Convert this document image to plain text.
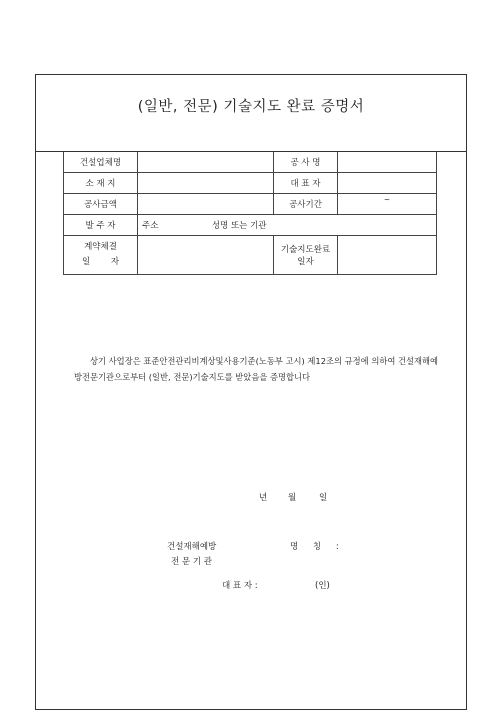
(일반, 전문) 기술지도 완료 증명서
건설업체명		공 사 명	
소 재 지		대 표 자	
공사금액		공사기간	~

발 주 자	주소 성명 또는 기관		

계약체결
일 자		기술지도완료일자	
상기 사업장은 표준안전관리비계상및사용기준(노동부 고시) 제12조의 규정에 의하여 건설재해예방전문기관으로부터 (일반, 전문)기술지도를 받았음을 증명합니다
년 월	일
건설재해예방
전 문 기 관
명 칭 :
대 표 자 :	(인)
